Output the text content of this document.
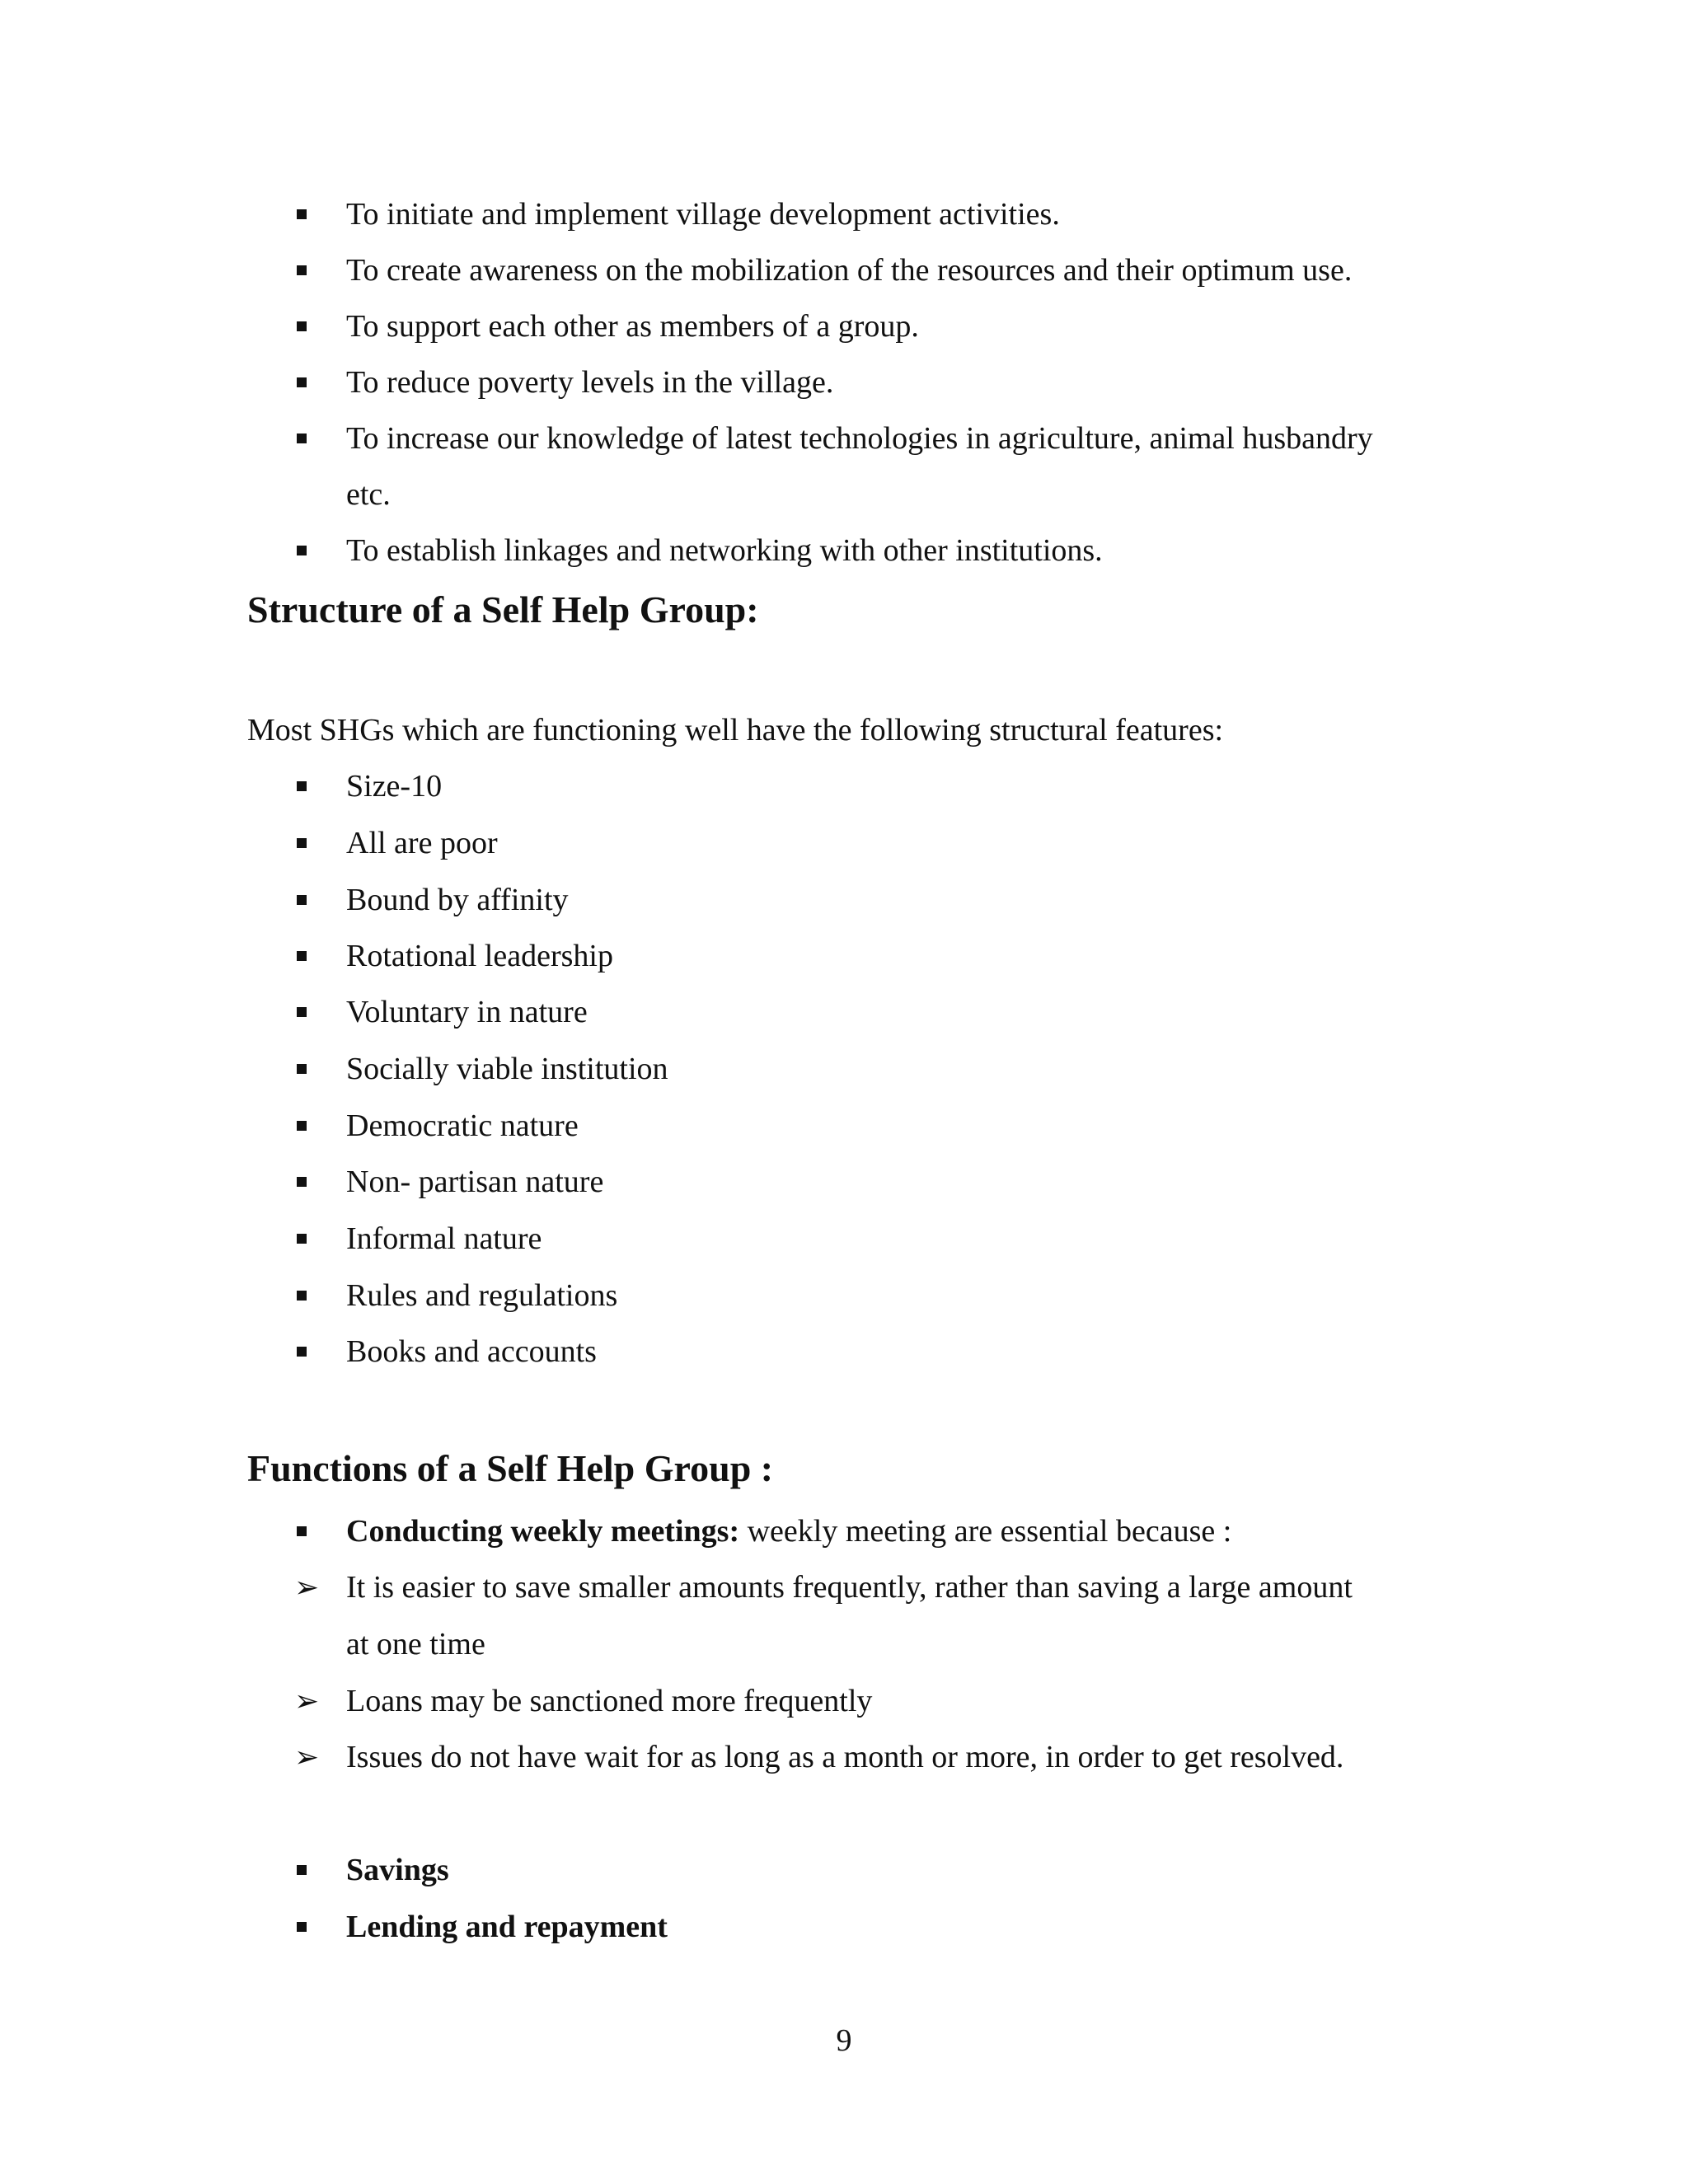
To initiate and implement village development activities.
To create awareness on the mobilization of the resources and their optimum use.
To support each other as members of a group.
To reduce poverty levels in the village.
To increase our knowledge of latest technologies in agriculture, animal husbandry
etc.
To establish linkages and networking with other institutions.
Structure of a Self Help Group:
Most SHGs which are functioning well have the following structural features:
Size-10
All are poor
Bound by affinity
Rotational leadership
Voluntary in nature
Socially viable institution
Democratic nature
Non- partisan nature
Informal nature
Rules and regulations
Books and accounts
Functions of a Self Help Group :
Conducting weekly meetings: weekly meeting are essential because :
➢ It is easier to save smaller amounts frequently, rather than saving a large amount
at one time
➢ Loans may be sanctioned more frequently
➢ Issues do not have wait for as long as a month or more, in order to get resolved.
Savings
Lending and repayment
9
